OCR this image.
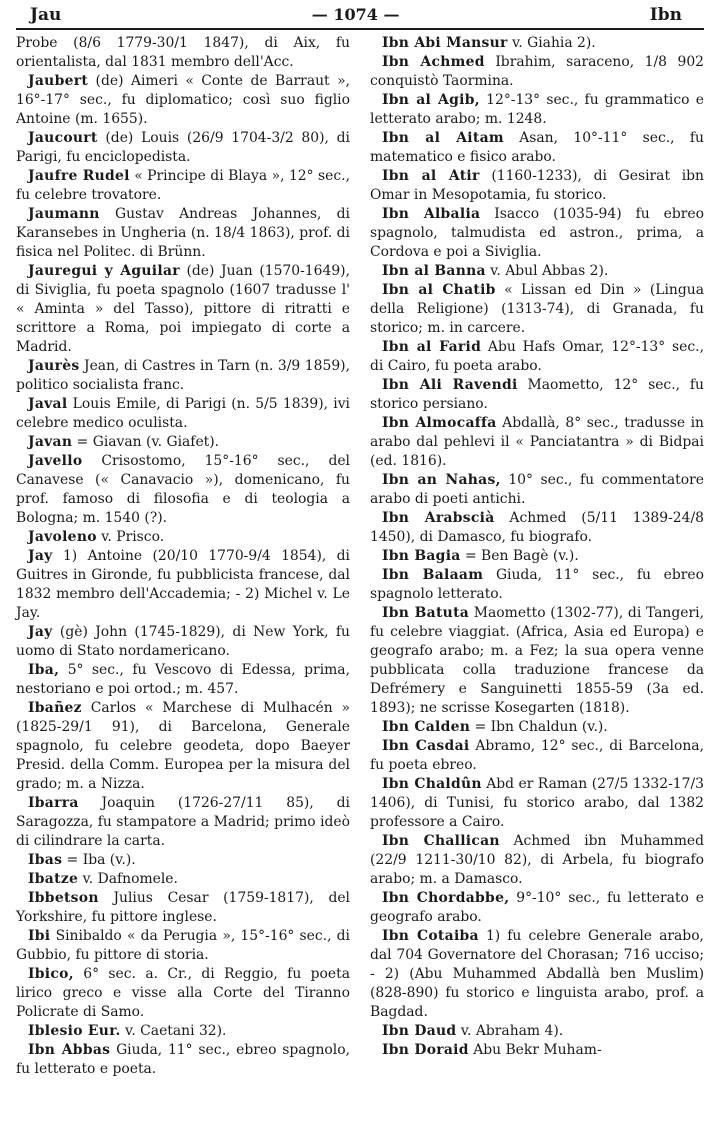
Jau	— 1074 —	Ibn

Probe (8/6 1779-30/1 1847), di Aix, fu orientalista, dal 1831 membro dell'Acc.

Jaubert (de) Aimeri « Conte de Barraut », 16°-17° sec., fu diplomatico; così suo figlio Antoine (m. 1655).

Jaucourt (de) Louis (26/9 1704-3/2 80), di Parigi, fu enciclopedista.

Jaufre Rudel « Principe di Blaya », 12° sec., fu celebre trovatore.

Jaumann Gustav Andreas Johannes, di Karansebes in Ungheria (n. 18/4 1863), prof. di fisica nel Politec. di Brünn.

Jauregui y Aguilar (de) Juan (1570-1649), di Siviglia, fu poeta spagnolo (1607 tradusse l' « Aminta » del Tasso), pittore di ritratti e scrittore a Roma, poi impiegato di corte a Madrid.

Jaurès Jean, di Castres in Tarn (n. 3/9 1859), politico socialista franc.

Javal Louis Emile, di Parigi (n. 5/5 1839), ivi celebre medico oculista.

Javan = Giavan (v. Giafet).

Javello Crisostomo, 15°-16° sec., del Canavese (« Canavacio »), domenicano, fu prof. famoso di filosofia e di teologia a Bologna; m. 1540 (?).

Javoleno v. Prisco.

Jay 1) Antoine (20/10 1770-9/4 1854), di Guitres in Gironde, fu pubblicista francese, dal 1832 membro dell'Accademia; - 2) Michel v. Le Jay.

Jay (gè) John (1745-1829), di New York, fu uomo di Stato nordamericano.

Iba, 5° sec., fu Vescovo di Edessa, prima, nestoriano e poi ortod.; m. 457.

Ibañez Carlos « Marchese di Mulhacén » (1825-29/1 91), di Barcelona, Generale spagnolo, fu celebre geodeta, dopo Baeyer Presid. della Comm. Europea per la misura del grado; m. a Nizza.

Ibarra Joaquin (1726-27/11 85), di Saragozza, fu stampatore a Madrid; primo ideò di cilindrare la carta.

Ibas = Iba (v.).

Ibatze v. Dafnomele.

Ibbetson Julius Cesar (1759-1817), del Yorkshire, fu pittore inglese.

Ibi Sinibaldo « da Perugia », 15°-16° sec., di Gubbio, fu pittore di storia.

Ibico, 6° sec. a. Cr., di Reggio, fu poeta lirico greco e visse alla Corte del Tiranno Policrate di Samo.

Iblesio Eur. v. Caetani 32).

Ibn Abbas Giuda, 11° sec., ebreo spagnolo, fu letterato e poeta.

Ibn Abi Mansur v. Giahia 2).

Ibn Achmed Ibrahim, saraceno, 1/8 902 conquistò Taormina.

Ibn al Agib, 12°-13° sec., fu grammatico e letterato arabo; m. 1248.

Ibn al Aitam Asan, 10°-11° sec., fu matematico e fisico arabo.

Ibn al Atir (1160-1233), di Gesirat ibn Omar in Mesopotamia, fu storico.

Ibn Albalia Isacco (1035-94) fu ebreo spagnolo, talmudista ed astron., prima, a Cordova e poi a Siviglia.

Ibn al Banna v. Abul Abbas 2).

Ibn al Chatib « Lissan ed Din » (Lingua della Religione) (1313-74), di Granada, fu storico; m. in carcere.

Ibn al Farid Abu Hafs Omar, 12°-13° sec., di Cairo, fu poeta arabo.

Ibn Ali Ravendi Maometto, 12° sec., fu storico persiano.

Ibn Almocaffa Abdallà, 8° sec., tradusse in arabo dal pehlevi il « Panciatantra » di Bidpai (ed. 1816).

Ibn an Nahas, 10° sec., fu commentatore arabo di poeti antichi.

Ibn Arabscià Achmed (5/11 1389-24/8 1450), di Damasco, fu biografo.

Ibn Bagia = Ben Bagè (v.).

Ibn Balaam Giuda, 11° sec., fu ebreo spagnolo letterato.

Ibn Batuta Maometto (1302-77), di Tangeri, fu celebre viaggiat. (Africa, Asia ed Europa) e geografo arabo; m. a Fez; la sua opera venne pubblicata colla traduzione francese da Defrémery e Sanguinetti 1855-59 (3a ed. 1893); ne scrisse Kosegarten (1818).

Ibn Calden = Ibn Chaldun (v.).

Ibn Casdai Abramo, 12° sec., di Barcelona, fu poeta ebreo.

Ibn Chaldûn Abd er Raman (27/5 1332-17/3 1406), di Tunisi, fu storico arabo, dal 1382 professore a Cairo.

Ibn Challican Achmed ibn Muhammed (22/9 1211-30/10 82), di Arbela, fu biografo arabo; m. a Damasco.

Ibn Chordabbe, 9°-10° sec., fu letterato e geografo arabo.

Ibn Cotaiba 1) fu celebre Generale arabo, dal 704 Governatore del Chorasan; 716 ucciso; - 2) (Abu Muhammed Abdallà ben Muslim) (828-890) fu storico e linguista arabo, prof. a Bagdad.

Ibn Daud v. Abraham 4).

Ibn Doraid Abu Bekr Muham-
